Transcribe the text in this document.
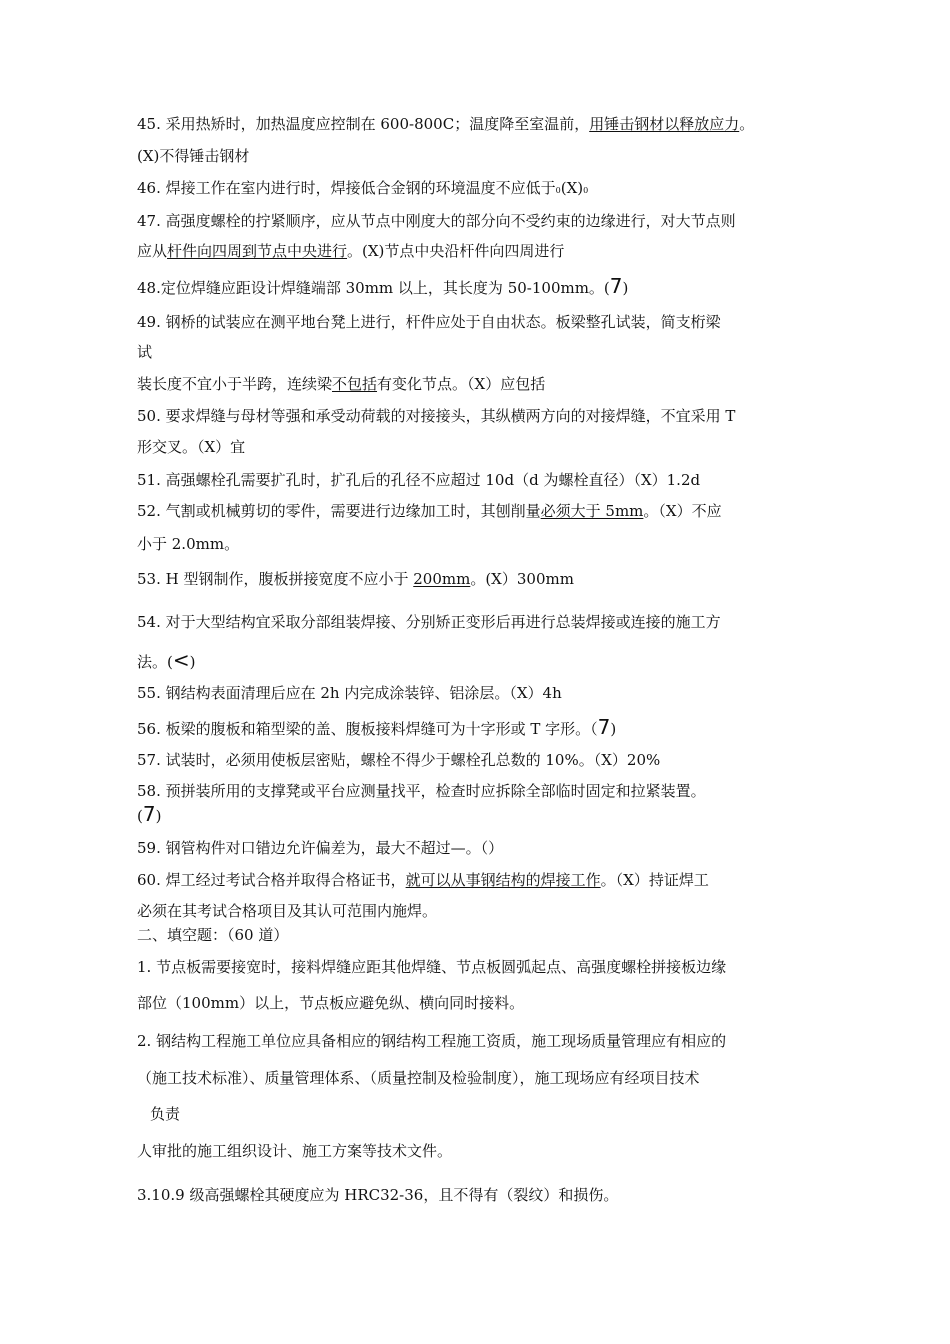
45. 采用热矫时，加热温度应控制在 600-800C；温度降至室温前，用锤击钢材以释放应力。
(X)不得锤击钢材
46. 焊接工作在室内进行时，焊接低合金钢的环境温度不应低于0(X)0
47. 高强度螺栓的拧紧顺序，应从节点中刚度大的部分向不受约束的边缘进行，对大节点则
应从杆件向四周到节点中央进行。(X)节点中央沿杆件向四周进行
48.定位焊缝应距设计焊缝端部 30mm 以上，其长度为 50-100mm。(7)
49. 钢桥的试装应在测平地台凳上进行，杆件应处于自由状态。板梁整孔试装，简支桁梁
试
装长度不宜小于半跨，连续梁不包括有变化节点。（X）应包括
50. 要求焊缝与母材等强和承受动荷载的对接接头，其纵横两方向的对接焊缝，不宜采用 T
形交叉。（X）宜
51. 高强螺栓孔需要扩孔时，扩孔后的孔径不应超过 10d（d 为螺栓直径）（X）1.2d
52. 气割或机械剪切的零件，需要进行边缘加工时，其刨削量必须大于 5mm。（X）不应
小于 2.0mm。
53. H 型钢制作，腹板拼接宽度不应小于 200mm。(X）300mm
54. 对于大型结构宜采取分部组装焊接、分别矫正变形后再进行总装焊接或连接的施工方
法。(<)
55. 钢结构表面清理后应在 2h 内完成涂装锌、铝涂层。（X）4h
56. 板梁的腹板和箱型梁的盖、腹板接料焊缝可为十字形或 T 字形。（7)
57. 试装时，必须用使板层密贴，螺栓不得少于螺栓孔总数的 10%。（X）20%
58. 预拼装所用的支撑凳或平台应测量找平，检查时应拆除全部临时固定和拉紧装置。
(7)
59. 钢管构件对口错边允许偏差为，最大不超过—。（）
60. 焊工经过考试合格并取得合格证书，就可以从事钢结构的焊接工作。（X）持证焊工
必须在其考试合格项目及其认可范围内施焊。
二、填空题：（60 道）
1. 节点板需要接宽时，接料焊缝应距其他焊缝、节点板圆弧起点、高强度螺栓拼接板边缘
部位（100mm）以上，节点板应避免纵、横向同时接料。
2. 钢结构工程施工单位应具备相应的钢结构工程施工资质，施工现场质量管理应有相应的
（施工技术标准）、质量管理体系、（质量控制及检验制度），施工现场应有经项目技术
负责
人审批的施工组织设计、施工方案等技术文件。
3.10.9 级高强螺栓其硬度应为 HRC32-36，且不得有（裂纹）和损伤。
